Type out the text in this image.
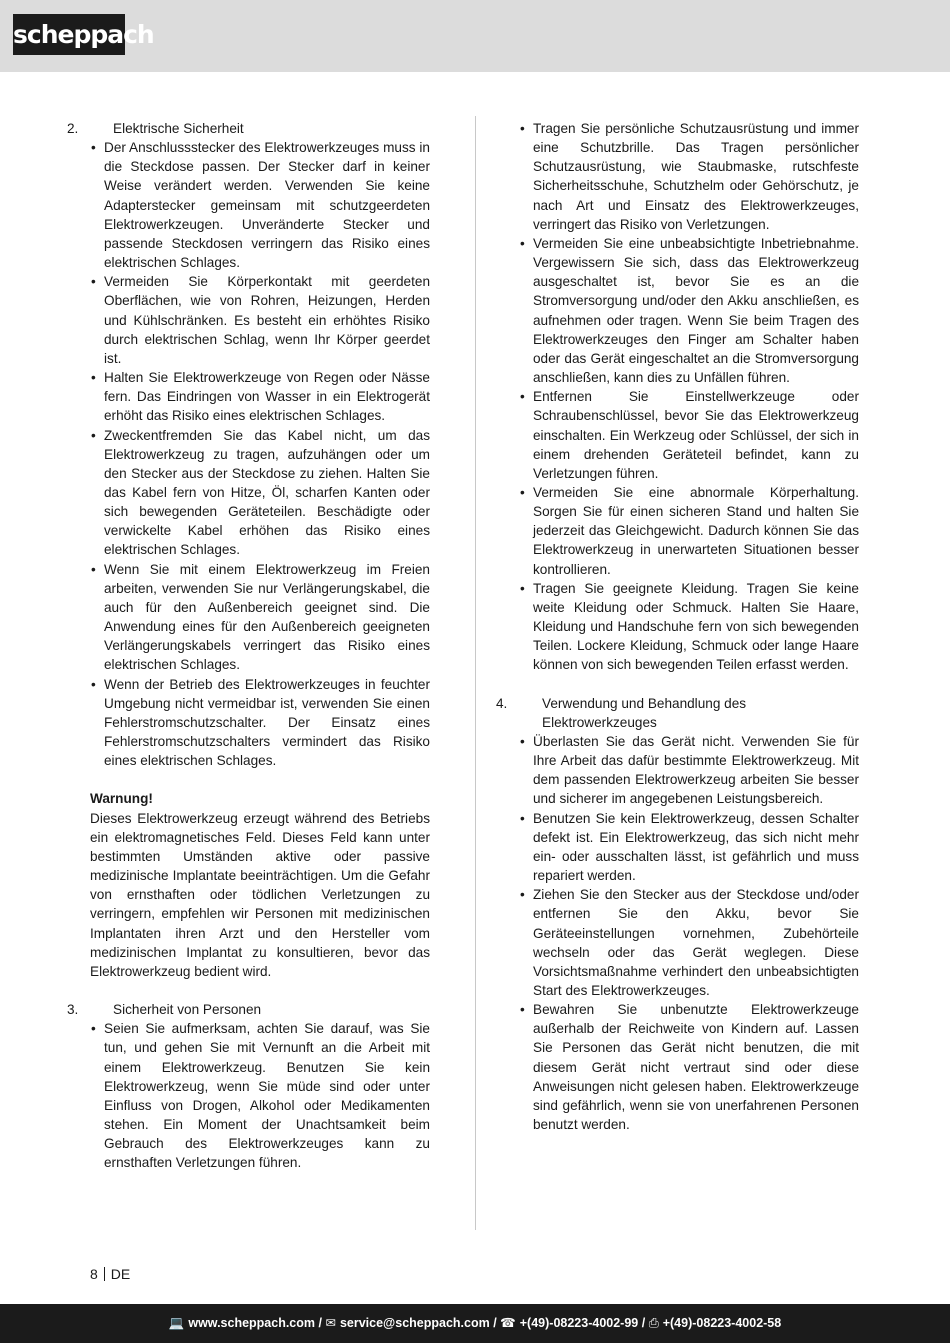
scheppach
2.	Elektrische Sicherheit
• Der Anschlussstecker des Elektrowerkzeuges muss in die Steckdose passen. Der Stecker darf in keiner Weise verändert werden. Verwenden Sie keine Adapterstecker gemeinsam mit schutzgeerdeten Elektrowerkzeugen. Unveränderte Stecker und passende Steckdosen verringern das Risiko eines elektrischen Schlages.
• Vermeiden Sie Körperkontakt mit geerdeten Oberflächen, wie von Rohren, Heizungen, Herden und Kühlschränken. Es besteht ein erhöhtes Risiko durch elektrischen Schlag, wenn Ihr Körper geerdet ist.
• Halten Sie Elektrowerkzeuge von Regen oder Nässe fern. Das Eindringen von Wasser in ein Elektrogerät erhöht das Risiko eines elektrischen Schlages.
• Zweckentfremden Sie das Kabel nicht, um das Elektrowerkzeug zu tragen, aufzuhängen oder um den Stecker aus der Steckdose zu ziehen. Halten Sie das Kabel fern von Hitze, Öl, scharfen Kanten oder sich bewegenden Geräteteilen. Beschädigte oder verwickelte Kabel erhöhen das Risiko eines elektrischen Schlages.
• Wenn Sie mit einem Elektrowerkzeug im Freien arbeiten, verwenden Sie nur Verlängerungskabel, die auch für den Außenbereich geeignet sind. Die Anwendung eines für den Außenbereich geeigneten Verlängerungskabels verringert das Risiko eines elektrischen Schlages.
• Wenn der Betrieb des Elektrowerkzeuges in feuchter Umgebung nicht vermeidbar ist, verwenden Sie einen Fehlerstromschutzschalter. Der Einsatz eines Fehlerstromschutzschalters vermindert das Risiko eines elektrischen Schlages.
Warnung!

Dieses Elektrowerkzeug erzeugt während des Betriebs ein elektromagnetisches Feld. Dieses Feld kann unter bestimmten Umständen aktive oder passive medizinische Implantate beeinträchtigen. Um die Gefahr von ernsthaften oder tödlichen Verletzungen zu verringern, empfehlen wir Personen mit medizinischen Implantaten ihren Arzt und den Hersteller vom medizinischen Implantat zu konsultieren, bevor das Elektrowerkzeug bedient wird.

3.	Sicherheit von Personen
• Seien Sie aufmerksam, achten Sie darauf, was Sie tun, und gehen Sie mit Vernunft an die Arbeit mit einem Elektrowerkzeug. Benutzen Sie kein Elektrowerkzeug, wenn Sie müde sind oder unter Einfluss von Drogen, Alkohol oder Medikamenten stehen. Ein Moment der Unachtsamkeit beim Gebrauch des Elektrowerkzeuges kann zu ernsthaften Verletzungen führen.
• Tragen Sie persönliche Schutzausrüstung und immer eine Schutzbrille. Das Tragen persönlicher Schutzausrüstung, wie Staubmaske, rutschfeste Sicherheitsschuhe, Schutzhelm oder Gehörschutz, je nach Art und Einsatz des Elektrowerkzeuges, verringert das Risiko von Verletzungen.
• Vermeiden Sie eine unbeabsichtigte Inbetriebnahme. Vergewissern Sie sich, dass das Elektrowerkzeug ausgeschaltet ist, bevor Sie es an die Stromversorgung und/oder den Akku anschließen, es aufnehmen oder tragen. Wenn Sie beim Tragen des Elektrowerkzeuges den Finger am Schalter haben oder das Gerät eingeschaltet an die Stromversorgung anschließen, kann dies zu Unfällen führen.
• Entfernen Sie Einstellwerkzeuge oder Schraubenschlüssel, bevor Sie das Elektrowerkzeug einschalten. Ein Werkzeug oder Schlüssel, der sich in einem drehenden Geräteteil befindet, kann zu Verletzungen führen.
• Vermeiden Sie eine abnormale Körperhaltung. Sorgen Sie für einen sicheren Stand und halten Sie jederzeit das Gleichgewicht. Dadurch können Sie das Elektrowerkzeug in unerwarteten Situationen besser kontrollieren.
• Tragen Sie geeignete Kleidung. Tragen Sie keine weite Kleidung oder Schmuck. Halten Sie Haare, Kleidung und Handschuhe fern von sich bewegenden Teilen. Lockere Kleidung, Schmuck oder lange Haare können von sich bewegenden Teilen erfasst werden.
4.	Verwendung und Behandlung des Elektrowerkzeuges
• Überlasten Sie das Gerät nicht. Verwenden Sie für Ihre Arbeit das dafür bestimmte Elektrowerkzeug. Mit dem passenden Elektrowerkzeug arbeiten Sie besser und sicherer im angegebenen Leistungsbereich.
• Benutzen Sie kein Elektrowerkzeug, dessen Schalter defekt ist. Ein Elektrowerkzeug, das sich nicht mehr ein- oder ausschalten lässt, ist gefährlich und muss repariert werden.
• Ziehen Sie den Stecker aus der Steckdose und/oder entfernen Sie den Akku, bevor Sie Geräteeinstellungen vornehmen, Zubehörteile wechseln oder das Gerät weglegen. Diese Vorsichtsmaßnahme verhindert den unbeabsichtigten Start des Elektrowerkzeuges.
• Bewahren Sie unbenutzte Elektrowerkzeuge außerhalb der Reichweite von Kindern auf. Lassen Sie Personen das Gerät nicht benutzen, die mit diesem Gerät nicht vertraut sind oder diese Anweisungen nicht gelesen haben. Elektrowerkzeuge sind gefährlich, wenn sie von unerfahrenen Personen benutzt werden.
8 DE
💻 www.scheppach.com / ✉ service@scheppach.com / ☎ +(49)-08223-4002-99 / ⎙ +(49)-08223-4002-58
